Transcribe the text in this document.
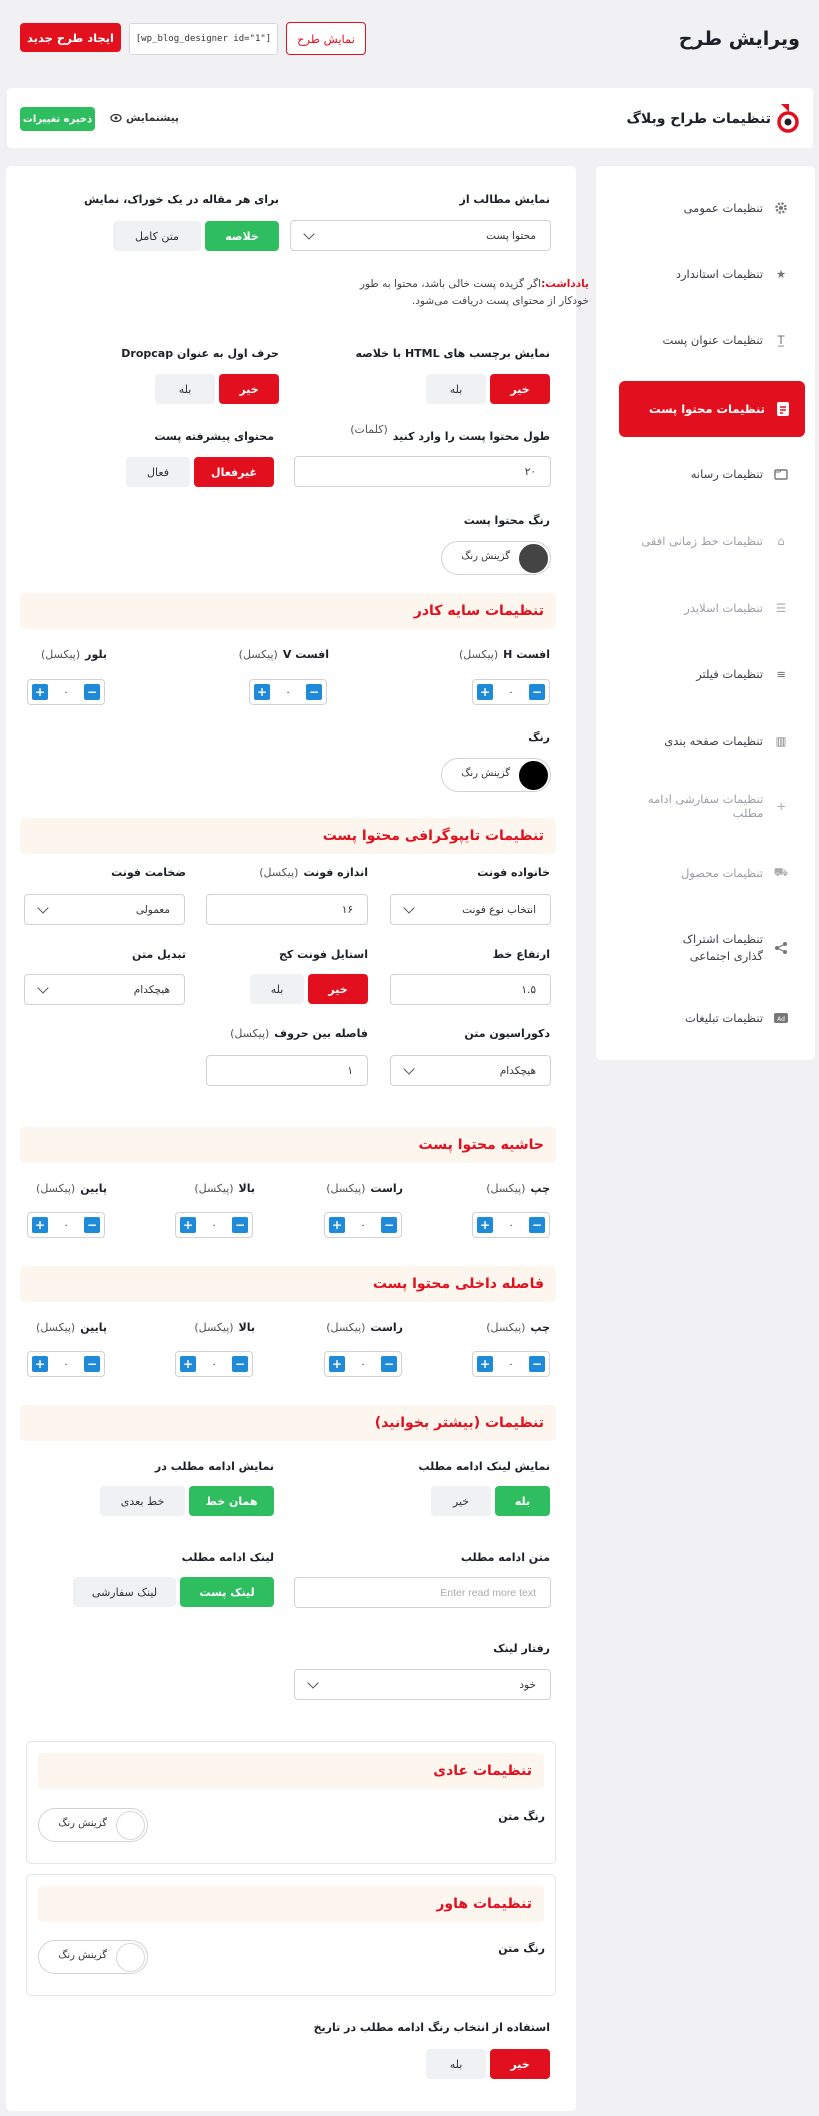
ویرایش طرح
ایجاد طرح جدید	[wp_blog_designer id="1"]	نمایش طرح
تنظیمات طراح وبلاگ
پیشنمایش
ذخیره تغییرات
تنظیمات عمومی
★
تنظیمات استاندارد
T̲
تنظیمات عنوان پست
تنظیمات محتوا پست
تنظیمات رسانه
⌂
تنظیمات خط زمانی افقی
☰
تنظیمات اسلایدر
≡
تنظیمات فیلتر
▥
تنظیمات صفحه بندی
+
تنظیمات سفارشی ادامه مطلب
⛟
تنظیمات محصول
تنظیمات اشتراک گذاری اجتماعی
Ad
تنظیمات تبلیغات
نمایش مطالب از
محتوا پست
برای هر مقاله در یک خوراک، نمایش
خلاصه
متن کامل
یادداشت:اگر گزیده پست خالی باشد، محتوا به طور خودکار از محتوای پست دریافت می‌شود.
نمایش برچسب های HTML با خلاصه
خیر
بله
حرف اول به عنوان Dropcap
خیر
بله
طول محتوا پست را وارد کنید(کلمات)
۲۰
محتوای پیشرفته پست
غیرفعال
فعال
رنگ محتوا پست
گزینش رنگ
تنظیمات سایه کادر
افست H(پیکسل)
+ ۰ −
افست V(پیکسل)
+ ۰ −
بلور(پیکسل)
+ ۰ −
رنگ
گزینش رنگ
تنظیمات تایپوگرافی محتوا پست
خانواده فونت
انتخاب نوع فونت
اندازه فونت(پیکسل)
۱۶
ضخامت فونت
معمولی
ارتفاع خط
۱.۵
استایل فونت کج
خیر
بله
تبدیل متن
هیچکدام
دکوراسیون متن
هیچکدام
فاصله بین حروف(پیکسل)
۱
حاشیه محتوا پست
چپ(پیکسل)
+ ۰ −
راست(پیکسل)
+ ۰ −
بالا(پیکسل)
+ ۰ −
پایین(پیکسل)
+ ۰ −
فاصله داخلی محتوا پست
چپ(پیکسل)
+ ۰ −
راست(پیکسل)
+ ۰ −
بالا(پیکسل)
+ ۰ −
پایین(پیکسل)
+ ۰ −
تنظیمات (بیشتر بخوانید)
نمایش لینک ادامه مطلب
بله
خیر
نمایش ادامه مطلب در
همان خط
خط بعدی
متن ادامه مطلب
Enter read more text
لینک ادامه مطلب
لینک پست
لینک سفارشی
رفتار لینک
خود
تنظیمات عادی
رنگ متن
گزینش رنگ
تنظیمات هاور
رنگ متن
گزینش رنگ
استفاده از انتخاب رنگ ادامه مطلب در تاریخ
خیر
بله
